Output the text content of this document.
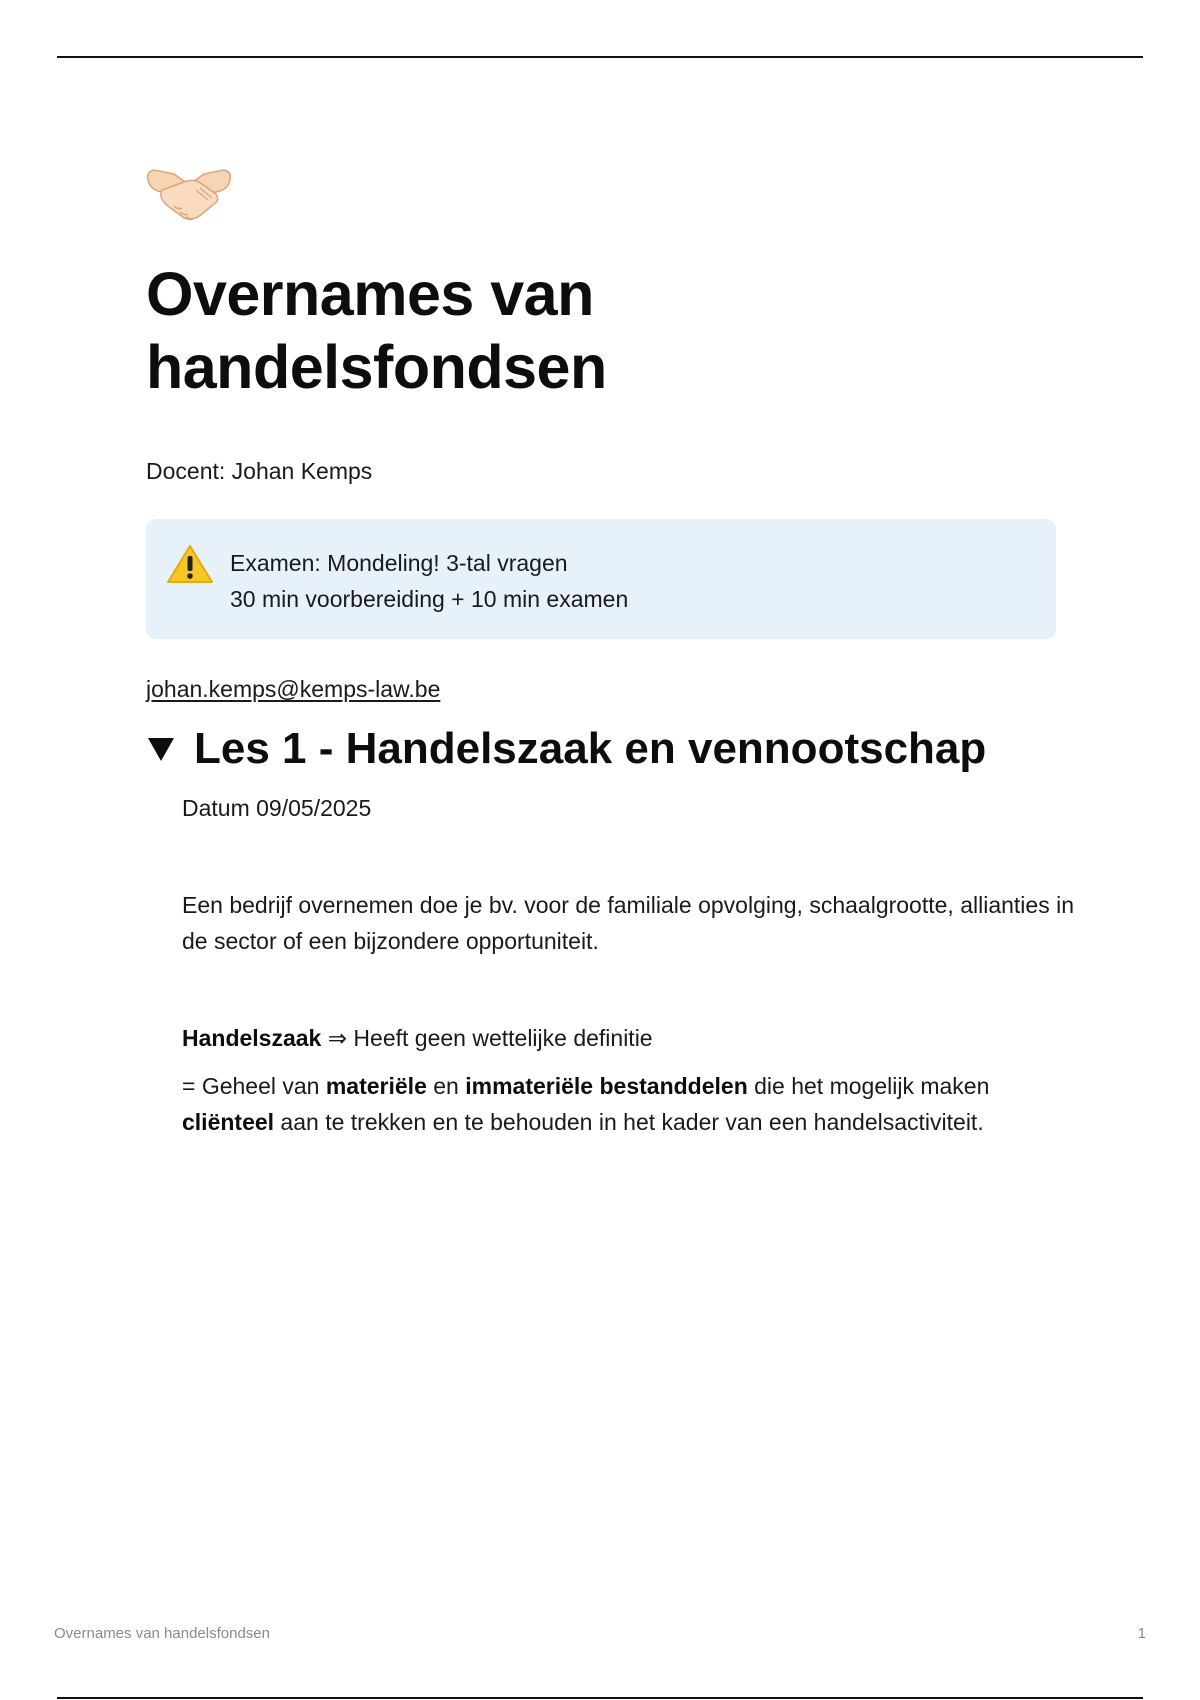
Overnames van handelsfondsen
Docent: Johan Kemps
Examen: Mondeling! 3-tal vragen
30 min voorbereiding + 10 min examen
johan.kemps@kemps-law.be
Les 1 - Handelszaak en vennootschap

Datum 09/05/2025

Een bedrijf overnemen doe je bv. voor de familiale opvolging, schaalgrootte, allianties in de sector of een bijzondere opportuniteit.

Handelszaak ⇒ Heeft geen wettelijke definitie

= Geheel van materiële en immateriële bestanddelen die het mogelijk maken cliënteel aan te trekken en te behouden in het kader van een handelsactiviteit.

Overnames van handelsfondsen	1
